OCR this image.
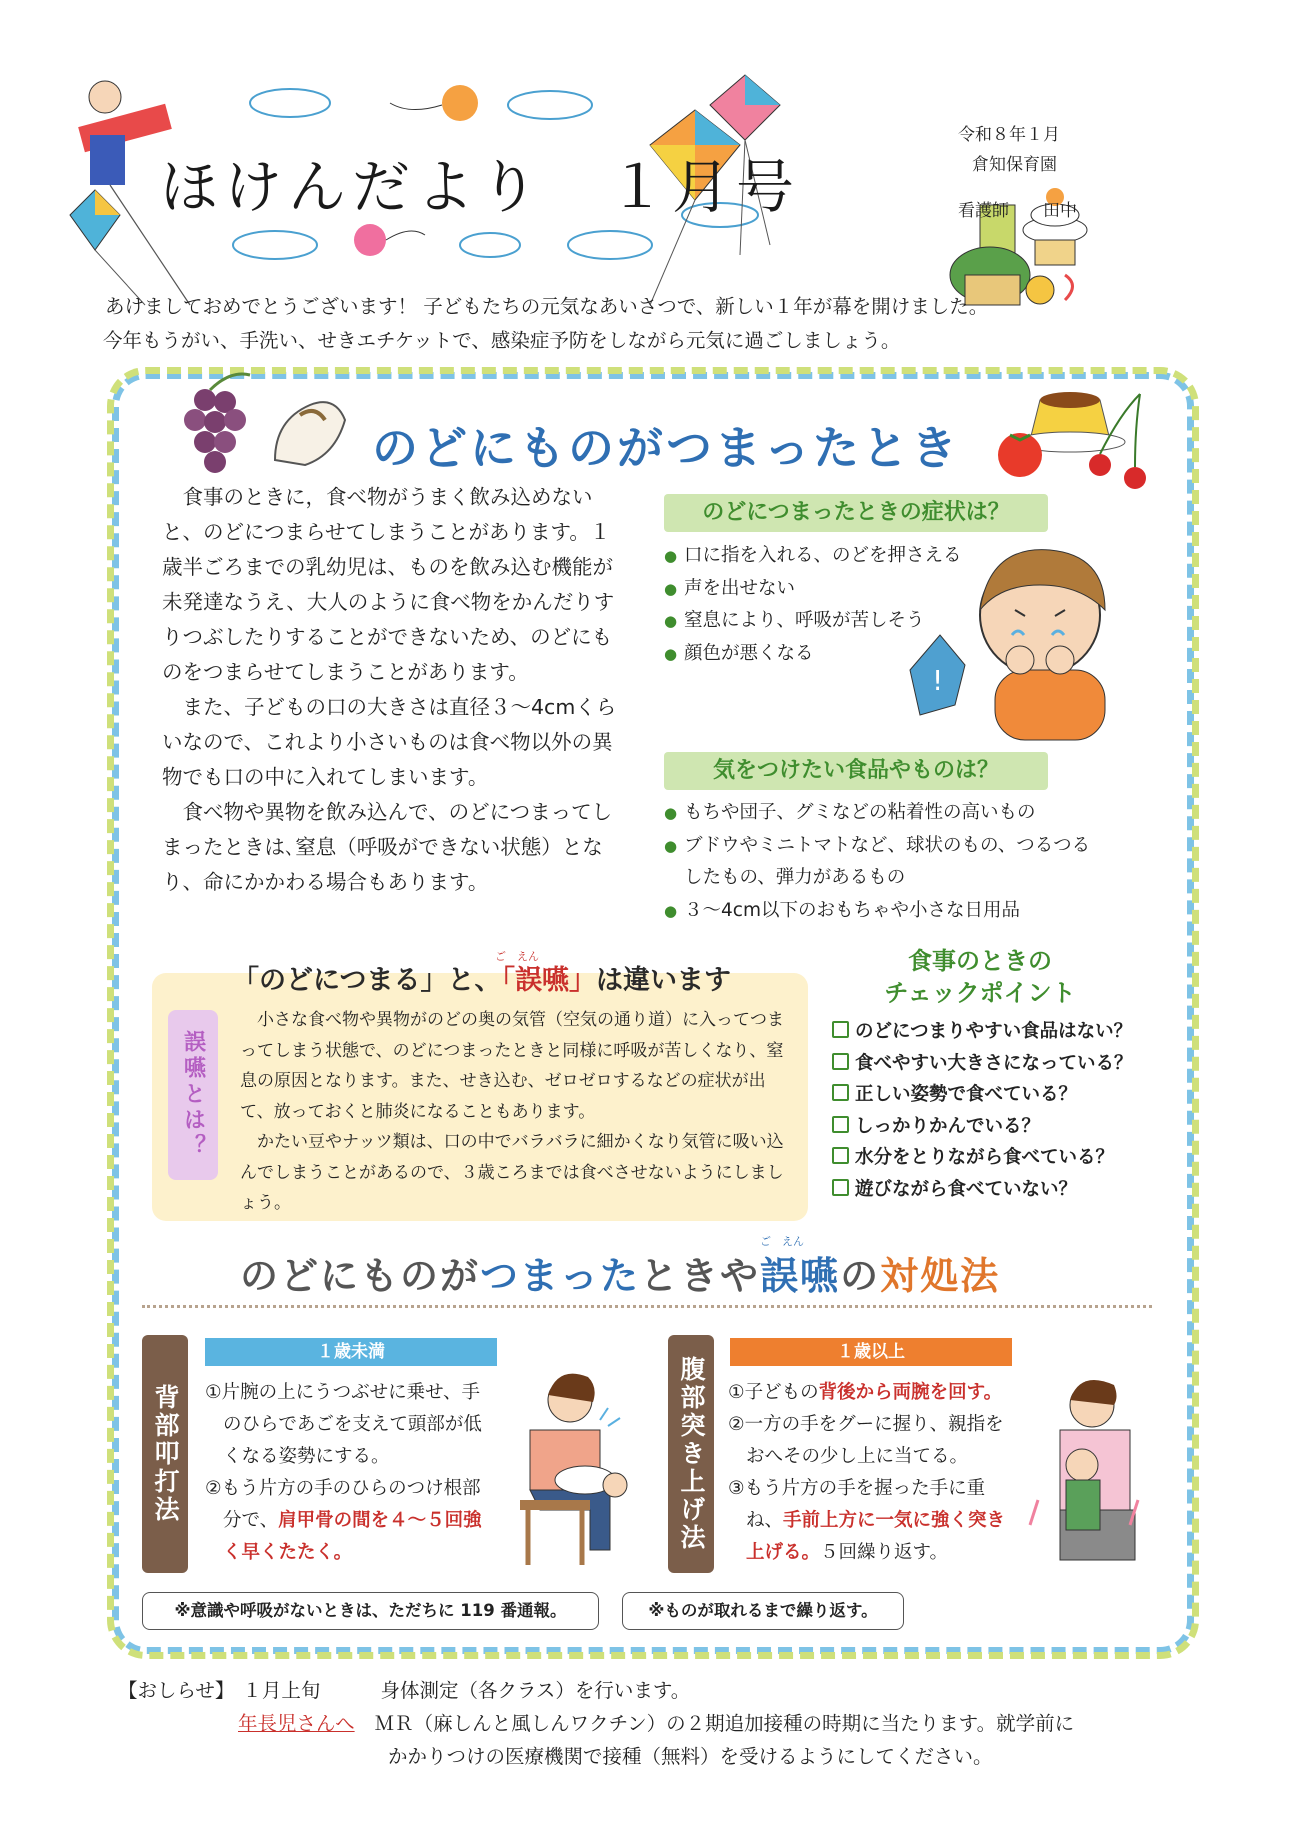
ほけんだより　１月号
令和８年１月
倉知保育園
看護師 田中
あけましておめでとうございます！ 子どもたちの元気なあいさつで、新しい１年が幕を開けました。
今年もうがい、手洗い、せきエチケットで、感染症予防をしながら元気に過ごしましょう。
のどにものがつまったとき

食事のときに，食べ物がうまく飲み込めないと、のどにつまらせてしまうことがあります。１歳半ごろまでの乳幼児は、ものを飲み込む機能が未発達なうえ、大人のように食べ物をかんだりすりつぶしたりすることができないため、のどにものをつまらせてしまうことがあります。

また、子どもの口の大きさは直径３～4cmくらいなので、これより小さいものは食べ物以外の異物でも口の中に入れてしまいます。

食べ物や異物を飲み込んで、のどにつまってしまったときは､窒息（呼吸ができない状態）となり、命にかかわる場合もあります。

のどにつまったときの症状は？
● 口に指を入れる、のどを押さえる
● 声を出せない
● 窒息により、呼吸が苦しそう
● 顔色が悪くなる
!
気をつけたい食品やものは？
● もちや団子、グミなどの粘着性の高いもの
● ブドウやミニトマトなど、球状のもの、つるつるしたもの、弾力があるもの
● ３～4cm以下のおもちゃや小さな日用品
ご　えん
「のどにつまる」と、「誤嚥」は違います
誤嚥とは？

小さな食べ物や異物がのどの奥の気管（空気の通り道）に入ってつまってしまう状態で、のどにつまったときと同様に呼吸が苦しくなり、窒息の原因となります。また、せき込む、ゼロゼロするなどの症状が出て、放っておくと肺炎になることもあります。

かたい豆やナッツ類は、口の中でバラバラに細かくなり気管に吸い込んでしまうことがあるので、３歳ころまでは食べさせないようにしましょう。

食事のときの
チェックポイント
のどにつまりやすい食品はない？
食べやすい大きさになっている？
正しい姿勢で食べている？
しっかりかんでいる？
水分をとりながら食べている？
遊びながら食べていない？
ご　えん
のどにものがつまったときや誤嚥の対処法
背部叩打法
１歳未満
①片腕の上にうつぶせに乗せ、手のひらであごを支えて頭部が低くなる姿勢にする。
②もう片方の手のひらのつけ根部分で、肩甲骨の間を４～５回強く早くたたく。
腹部突き上げ法
１歳以上
①子どもの背後から両腕を回す。
②一方の手をグーに握り、親指をおへその少し上に当てる。
③もう片方の手を握った手に重ね、手前上方に一気に強く突き上げる。５回繰り返す。
※意識や呼吸がないときは、ただちに 119 番通報。	※ものが取れるまで繰り返す。
【おしらせ】 １月上旬	身体測定（各クラス）を行います。
年長児さんへ ＭＲ（麻しんと風しんワクチン）の２期追加接種の時期に当たります。就学前に
かかりつけの医療機関で接種（無料）を受けるようにしてください。
